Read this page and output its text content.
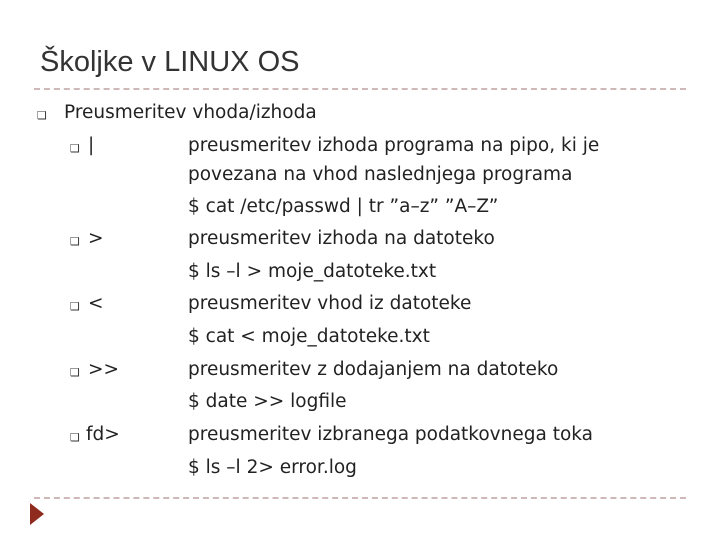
Školjke v LINUX OS
❑ Preusmeritev vhoda/izhoda
❑ |	preusmeritev izhoda programa na pipo, ki je
povezana na vhod naslednjega programa
$ cat /etc/passwd | tr ”a–z” ”A–Z”
❑ >	preusmeritev izhoda na datoteko
$ ls –l > moje_datoteke.txt
❑ <	preusmeritev vhod iz datoteke
$ cat < moje_datoteke.txt
❑ >>	preusmeritev z dodajanjem na datoteko
$ date >> logfile
❑ fd>	preusmeritev izbranega podatkovnega toka
$ ls –l 2> error.log
